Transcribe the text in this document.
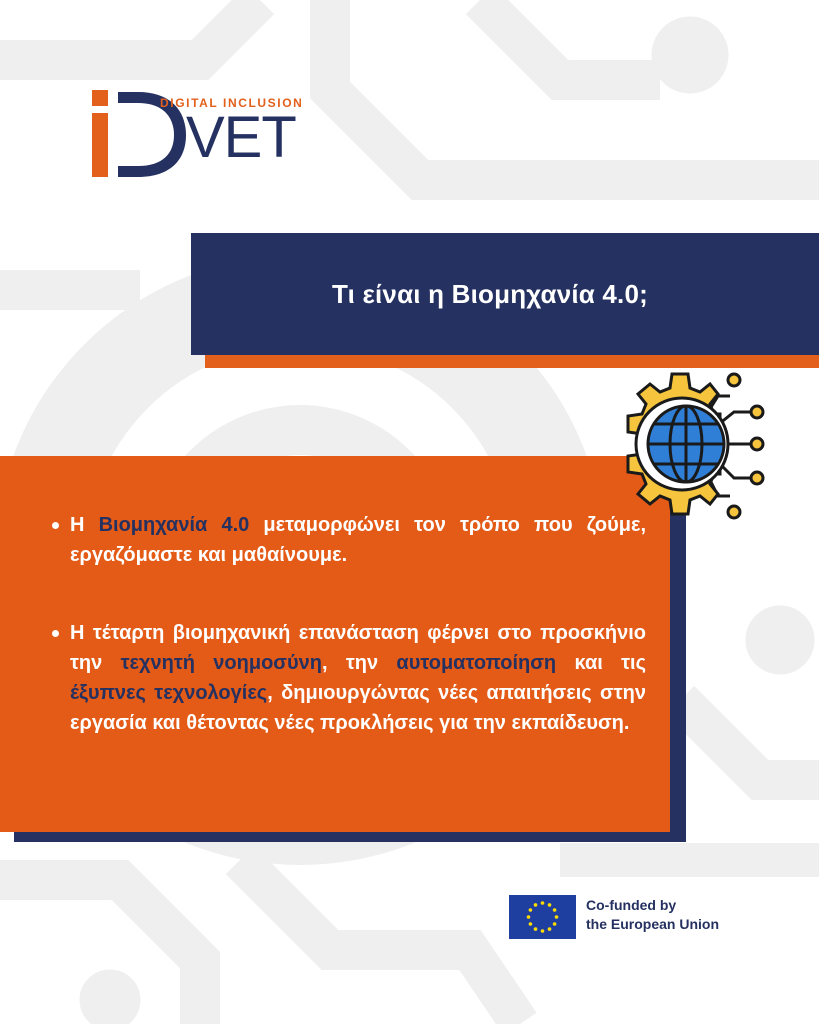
DIGITAL INCLUSION
VET
Τι είναι η Βιομηχανία 4.0;
Η Βιομηχανία 4.0 μεταμορφώνει τον τρόπο που ζούμε, εργαζόμαστε και μαθαίνουμε.
Η τέταρτη βιομηχανική επανάσταση φέρνει στο προσκήνιο την τεχνητή νοημοσύνη, την αυτοματοποίηση και τις έξυπνες τεχνολογίες, δημιουργώντας νέες απαιτήσεις στην εργασία και θέτοντας νέες προκλήσεις για την εκπαίδευση.
Co-funded by
the European Union
